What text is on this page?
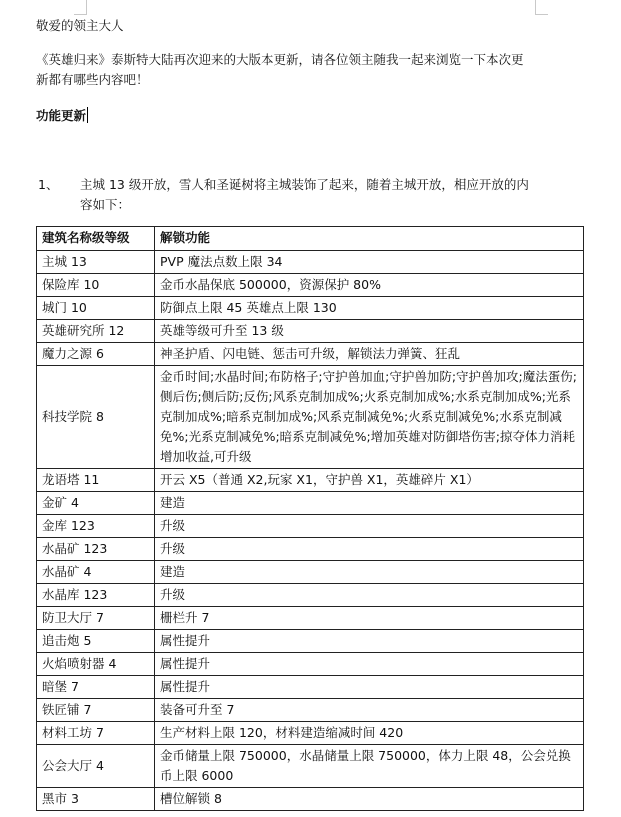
敬爱的领主大人
《英雄归来》泰斯特大陆再次迎来的大版本更新，请各位领主随我一起来浏览一下本次更
新都有哪些内容吧！
功能更新
1、 主城 13 级开放，雪人和圣诞树将主城装饰了起来，随着主城开放，相应开放的内
容如下：
建筑名称级等级	解锁功能
主城 13	PVP 魔法点数上限 34
保险库 10	金币水晶保底 500000，资源保护 80%
城门 10	防御点上限 45 英雄点上限 130
英雄研究所 12	英雄等级可升至 13 级
魔力之源 6	神圣护盾、闪电链、惩击可升级，解锁法力弹簧、狂乱
科技学院 8	金币时间;水晶时间;布防格子;守护兽加血;守护兽加防;守护兽加攻;魔法蛋伤;侧后伤;侧后防;反伤;风系克制加成%;火系克制加成%;水系克制加成%;光系克制加成%;暗系克制加成%;风系克制减免%;火系克制减免%;水系克制减免%;光系克制减免%;暗系克制减免%;增加英雄对防御塔伤害;掠夺体力消耗增加收益,可升级
龙语塔 11	开云 X5（普通 X2,玩家 X1，守护兽 X1，英雄碎片 X1）
金矿 4	建造
金库 123	升级
水晶矿 123	升级
水晶矿 4	建造
水晶库 123	升级
防卫大厅 7	栅栏升 7
追击炮 5	属性提升
火焰喷射器 4	属性提升
暗堡 7	属性提升
铁匠铺 7	装备可升至 7
材料工坊 7	生产材料上限 120，材料建造缩减时间 420
公会大厅 4	金币储量上限 750000，水晶储量上限 750000，体力上限 48，公会兑换币上限 6000
黑市 3	槽位解锁 8
